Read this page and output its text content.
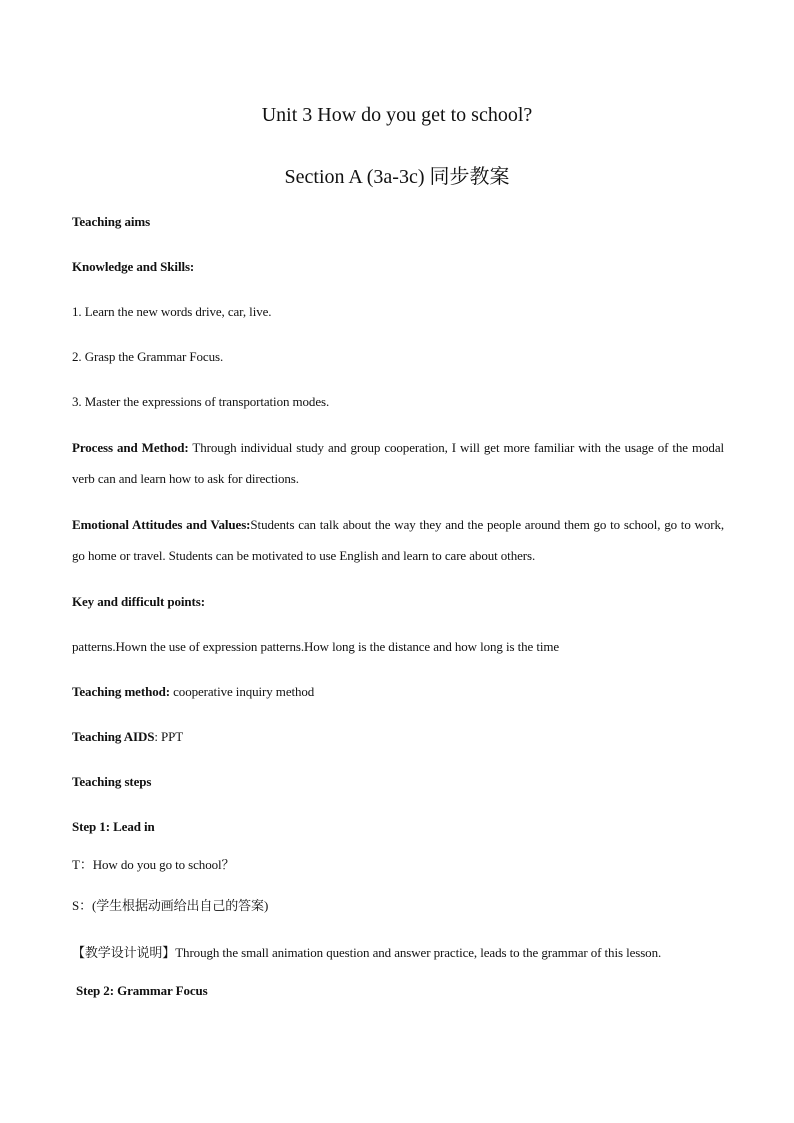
Unit 3 How do you get to school?
Section A (3a-3c) 同步教案
Teaching aims
Knowledge and Skills:
1. Learn the new words drive, car, live.
2. Grasp the Grammar Focus.
3. Master the expressions of transportation modes.
Process and Method: Through individual study and group cooperation, I will get more familiar with the usage of the modal verb can and learn how to ask for directions.
Emotional Attitudes and Values:Students can talk about the way they and the people around them go to school, go to work, go home or travel. Students can be motivated to use English and learn to care about others.
Key and difficult points:
patterns.Hown the use of expression patterns.How long is the distance and how long is the time
Teaching method: cooperative inquiry method
Teaching AIDS: PPT
Teaching steps
Step 1: Lead in
T：How do you go to school？
S：(学生根据动画给出自己的答案)
【教学设计说明】Through the small animation question and answer practice, leads to the grammar of this lesson.
Step 2: Grammar Focus
